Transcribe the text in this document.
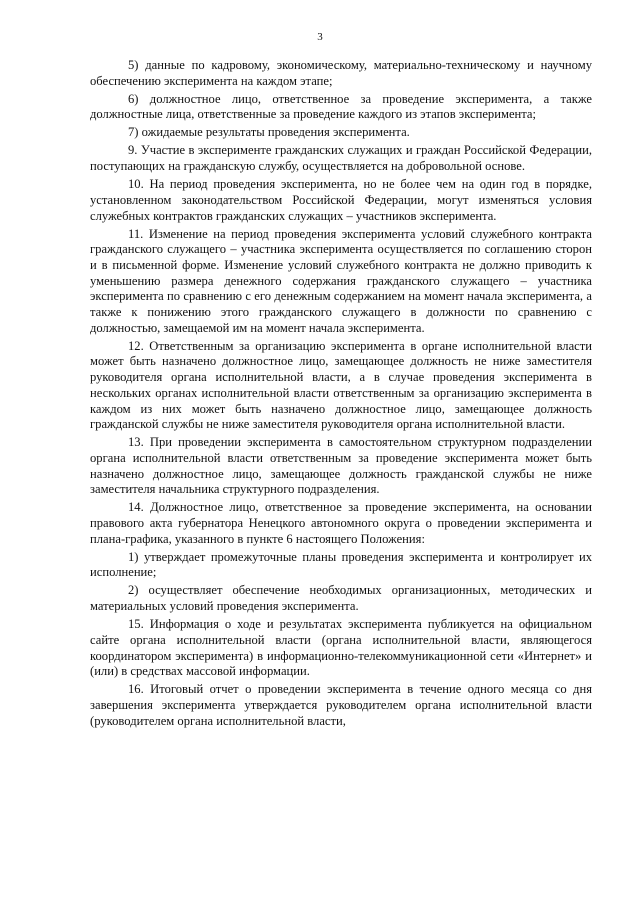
3

5) данные по кадровому, экономическому, материально-техническому и научному обеспечению эксперимента на каждом этапе;

6) должностное лицо, ответственное за проведение эксперимента, а также должностные лица, ответственные за проведение каждого из этапов эксперимента;

7) ожидаемые результаты проведения эксперимента.

9. Участие в эксперименте гражданских служащих и граждан Российской Федерации, поступающих на гражданскую службу, осуществляется на добровольной основе.

10. На период проведения эксперимента, но не более чем на один год в порядке, установленном законодательством Российской Федерации, могут изменяться условия служебных контрактов гражданских служащих – участников эксперимента.

11. Изменение на период проведения эксперимента условий служебного контракта гражданского служащего – участника эксперимента осуществляется по соглашению сторон и в письменной форме. Изменение условий служебного контракта не должно приводить к уменьшению размера денежного содержания гражданского служащего – участника эксперимента по сравнению с его денежным содержанием на момент начала эксперимента, а также к понижению этого гражданского служащего в должности по сравнению с должностью, замещаемой им на момент начала эксперимента.

12. Ответственным за организацию эксперимента в органе исполнительной власти может быть назначено должностное лицо, замещающее должность не ниже заместителя руководителя органа исполнительной власти, а в случае проведения эксперимента в нескольких органах исполнительной власти ответственным за организацию эксперимента в каждом из них может быть назначено должностное лицо, замещающее должность гражданской службы не ниже заместителя руководителя органа исполнительной власти.

13. При проведении эксперимента в самостоятельном структурном подразделении органа исполнительной власти ответственным за проведение эксперимента может быть назначено должностное лицо, замещающее должность гражданской службы не ниже заместителя начальника структурного подразделения.

14. Должностное лицо, ответственное за проведение эксперимента, на основании правового акта губернатора Ненецкого автономного округа о проведении эксперимента и плана-графика, указанного в пункте 6 настоящего Положения:

1) утверждает промежуточные планы проведения эксперимента и контролирует их исполнение;

2) осуществляет обеспечение необходимых организационных, методических и материальных условий проведения эксперимента.

15. Информация о ходе и результатах эксперимента публикуется на официальном сайте органа исполнительной власти (органа исполнительной власти, являющегося координатором эксперимента) в информационно-телекоммуникационной сети «Интернет» и (или) в средствах массовой информации.

16. Итоговый отчет о проведении эксперимента в течение одного месяца со дня завершения эксперимента утверждается руководителем органа исполнительной власти (руководителем органа исполнительной власти,
